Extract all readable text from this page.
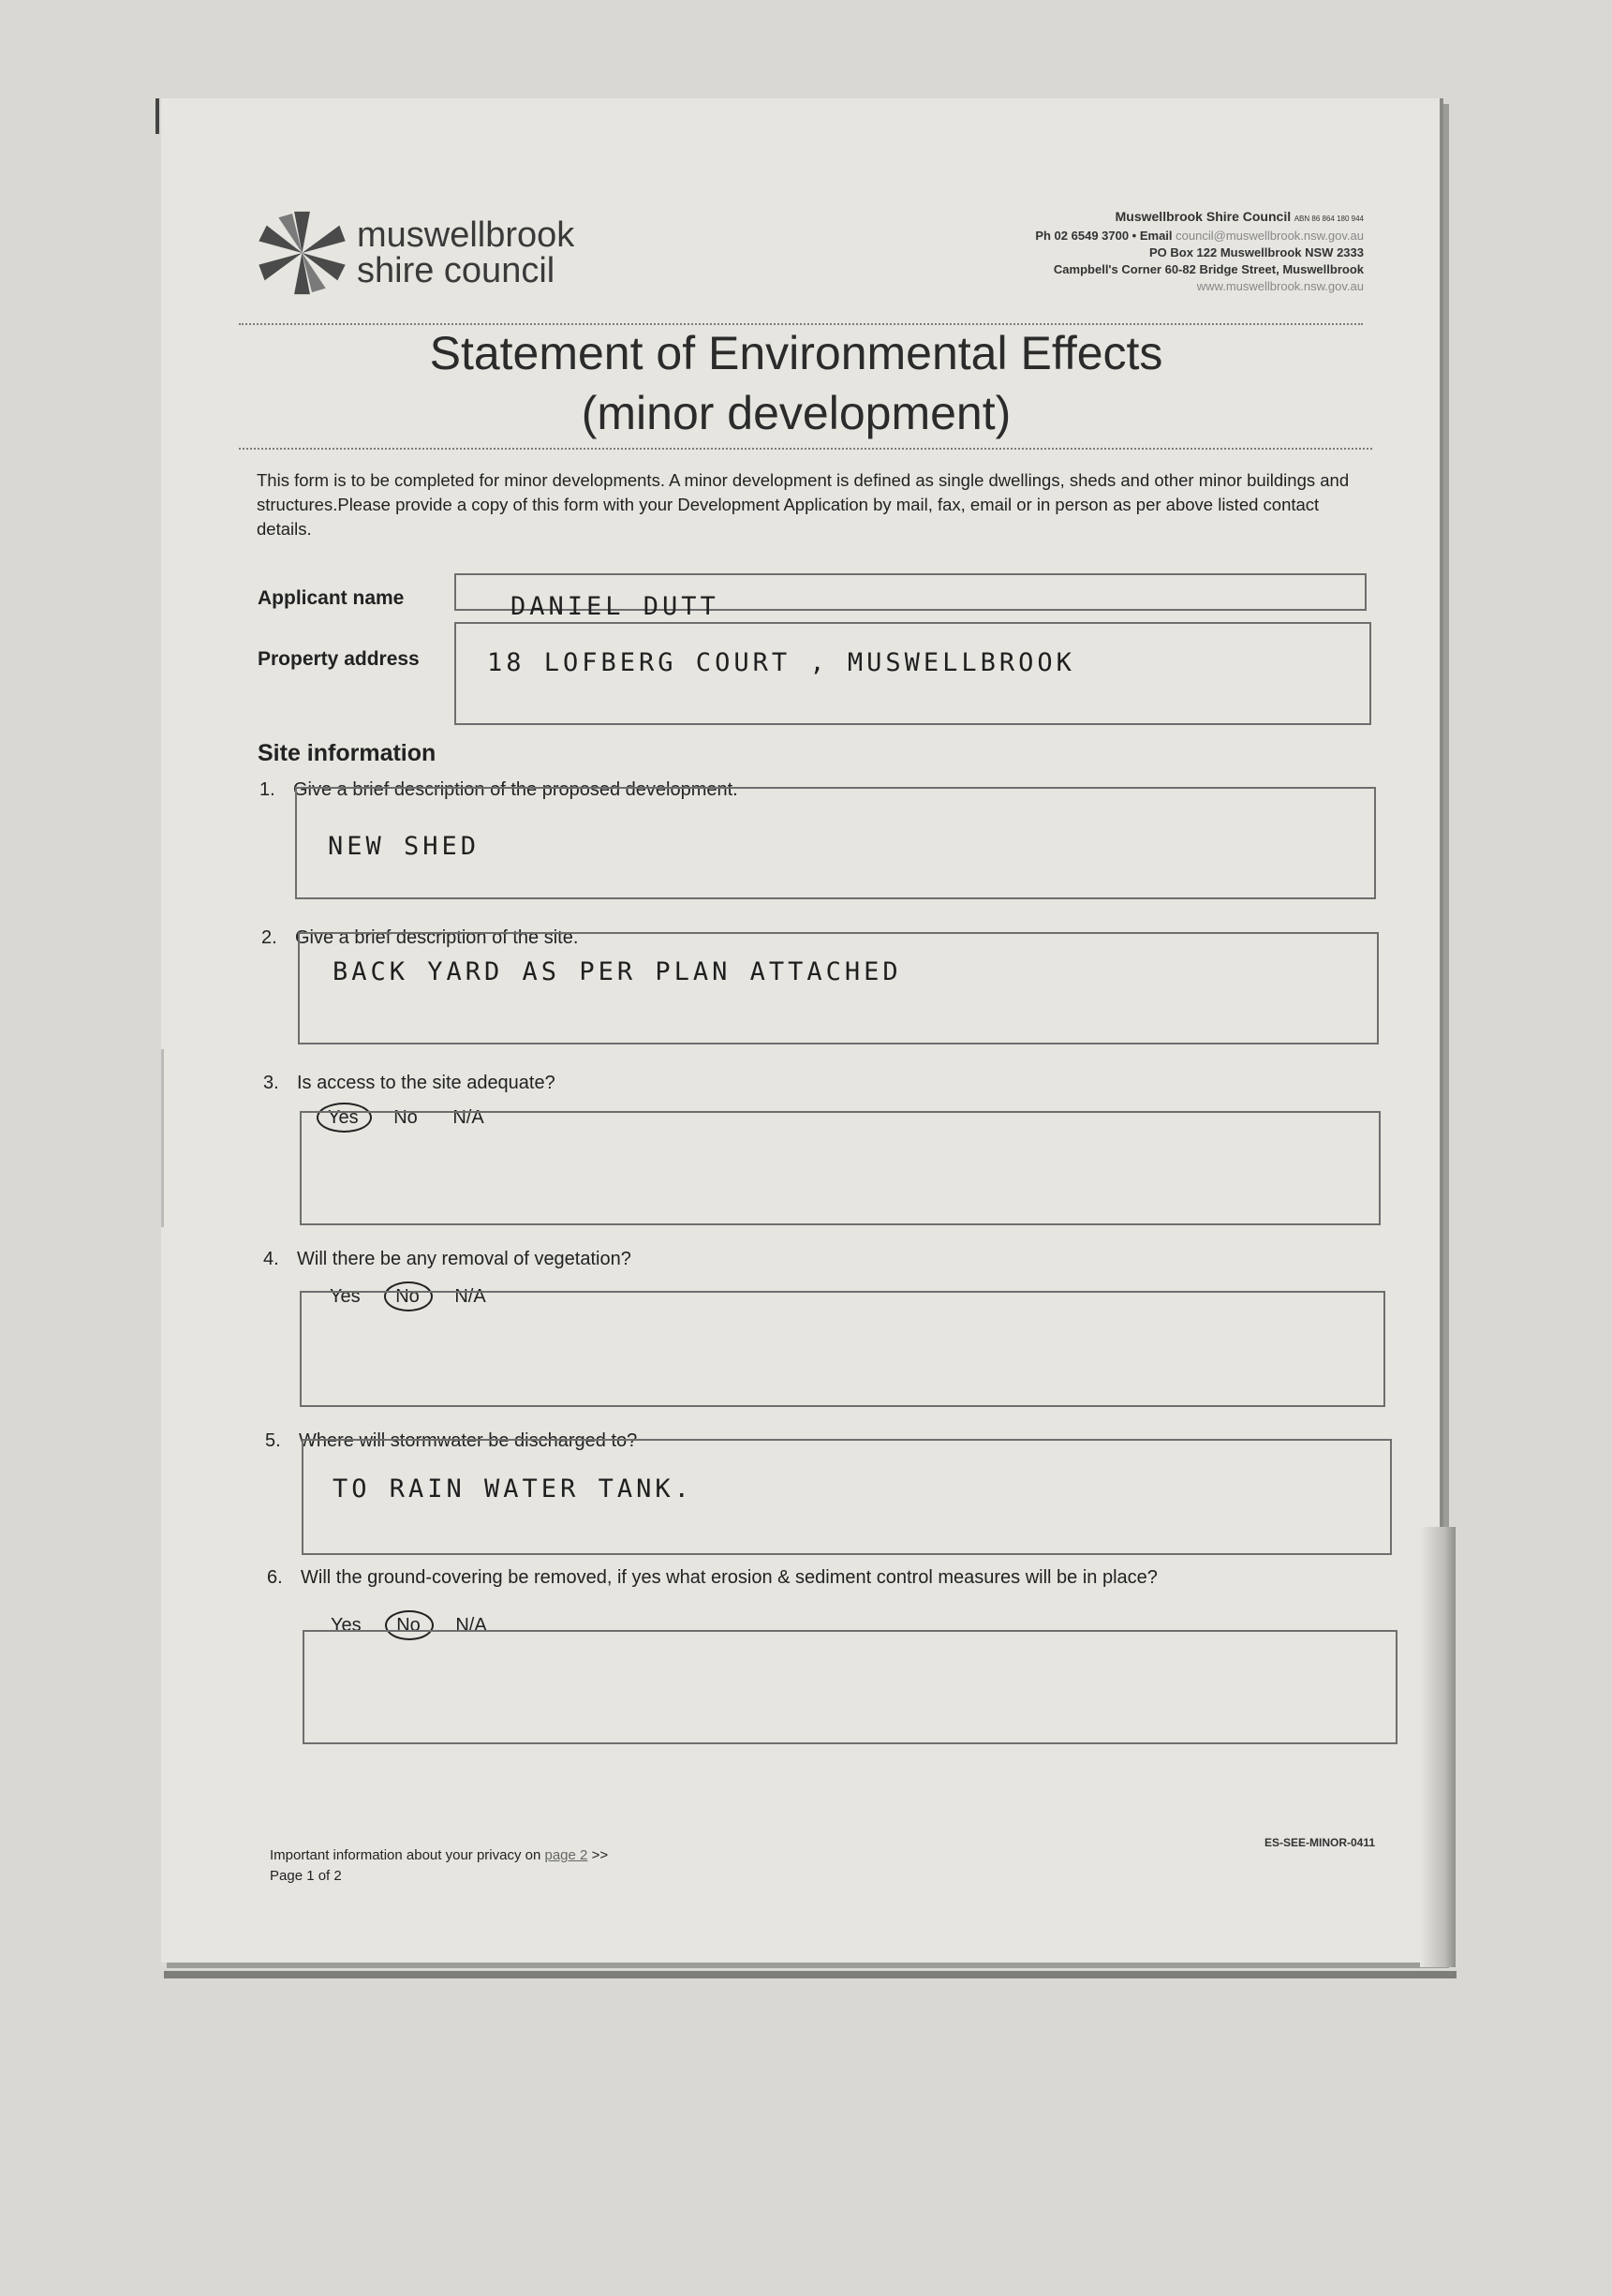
muswellbrook
shire council
Muswellbrook Shire Council ABN 86 864 180 944
Ph 02 6549 3700 • Email council@muswellbrook.nsw.gov.au
PO Box 122 Muswellbrook NSW 2333
Campbell's Corner 60-82 Bridge Street, Muswellbrook
www.muswellbrook.nsw.gov.au
Statement of Environmental Effects
(minor development)
This form is to be completed for minor developments. A minor development is defined as single dwellings, sheds and other minor buildings and structures.Please provide a copy of this form with your Development Application by mail, fax, email or in person as per above listed contact details.
Applicant name	DANIEL DUTT
Property address	18 LOFBERG COURT , MUSWELLBROOK
Site information
1. Give a brief description of the proposed development.
NEW SHED
2. Give a brief description of the site.
BACK YARD AS PER PLAN ATTACHED
3. Is access to the site adequate?
Yes No N/A
4. Will there be any removal of vegetation?
Yes No N/A
5. Where will stormwater be discharged to?
TO RAIN WATER TANK.
6. Will the ground-covering be removed, if yes what erosion & sediment control measures will be in place?
Yes No N/A
Important information about your privacy on page 2 >>
Page 1 of 2
ES-SEE-MINOR-0411
